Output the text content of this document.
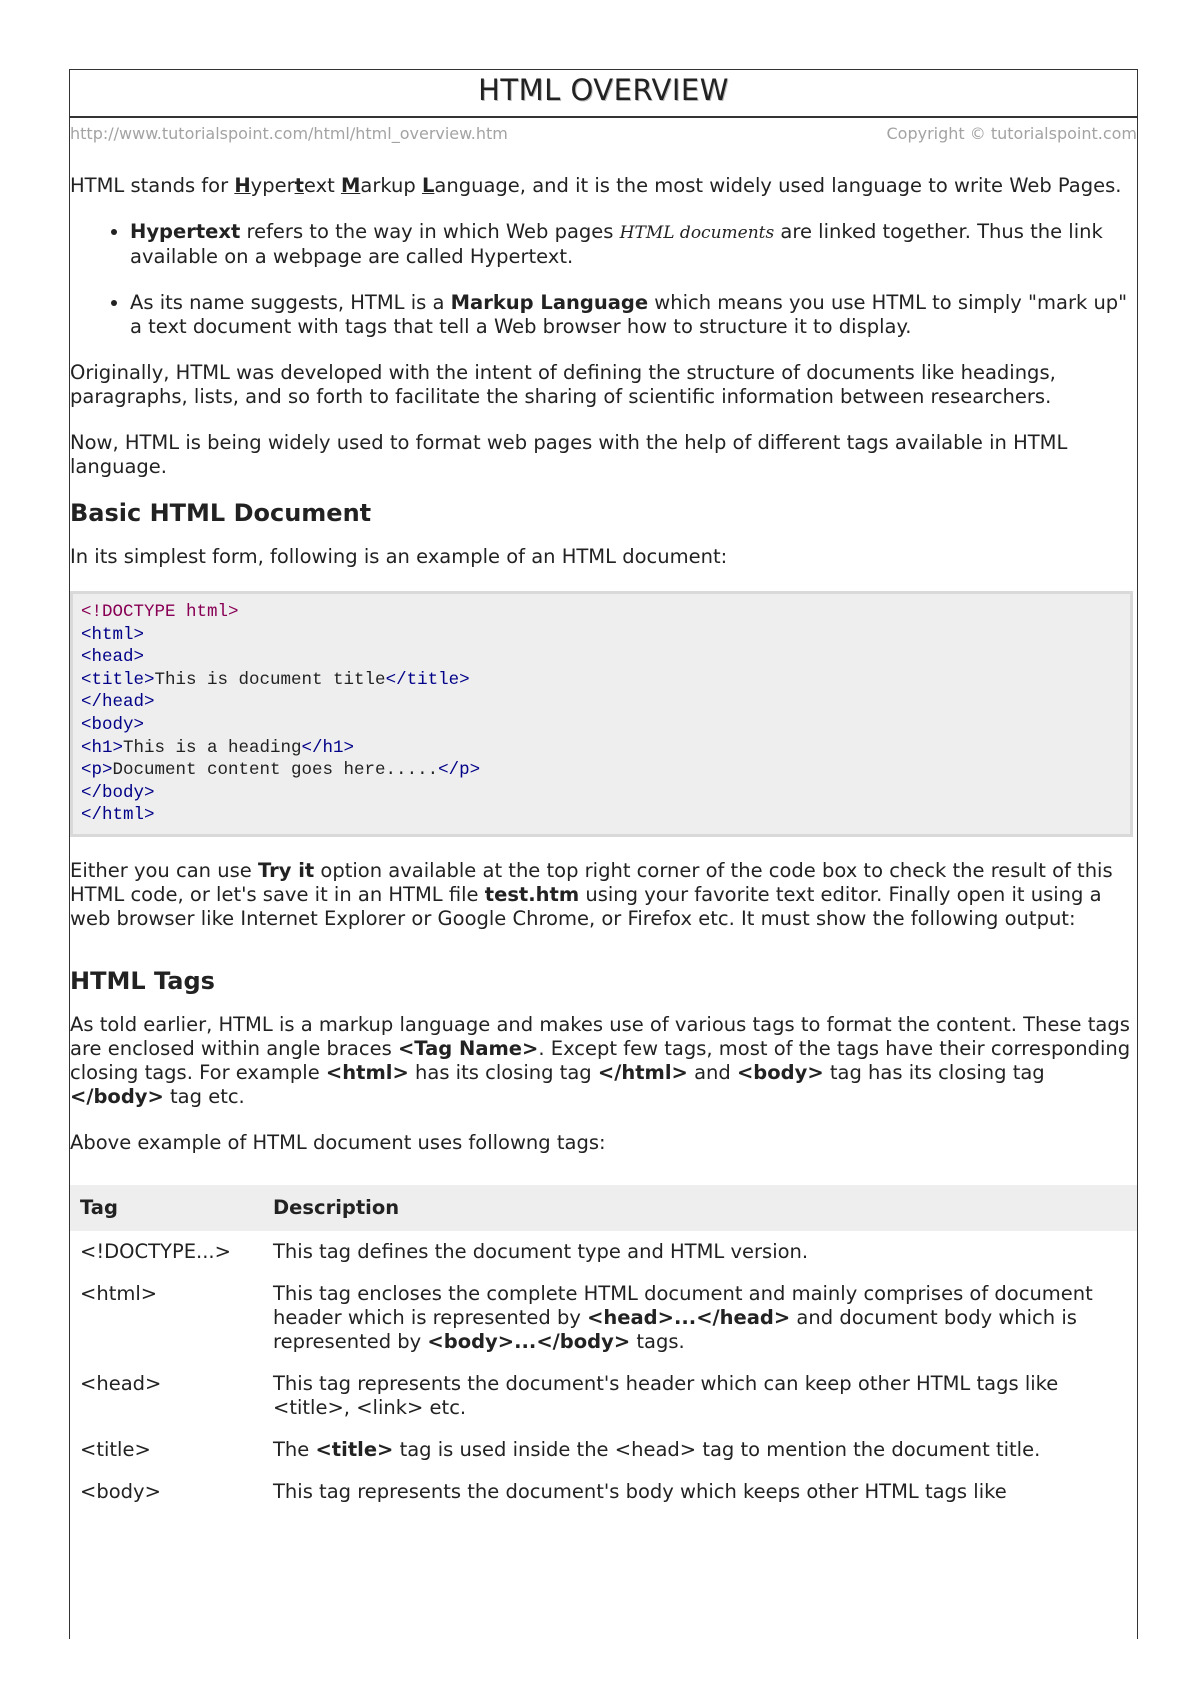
HTML OVERVIEW
http://www.tutorialspoint.com/html/html_overview.htm	Copyright © tutorialspoint.com

HTML stands for Hypertext Markup Language, and it is the most widely used language to write Web Pages.

• Hypertext refers to the way in which Web pages HTML documents are linked together. Thus the link available on a webpage are called Hypertext.
• As its name suggests, HTML is a Markup Language which means you use HTML to simply "mark up" a text document with tags that tell a Web browser how to structure it to display.

Originally, HTML was developed with the intent of defining the structure of documents like headings, paragraphs, lists, and so forth to facilitate the sharing of scientific information between researchers.

Now, HTML is being widely used to format web pages with the help of different tags available in HTML language.

Basic HTML Document

In its simplest form, following is an example of an HTML document:

<!DOCTYPE html>
<html>
<head>
<title>This is document title</title>
</head>
<body>
<h1>This is a heading</h1>
<p>Document content goes here.....</p>
</body>
</html>

Either you can use Try it option available at the top right corner of the code box to check the result of this HTML code, or let's save it in an HTML file test.htm using your favorite text editor. Finally open it using a web browser like Internet Explorer or Google Chrome, or Firefox etc. It must show the following output:

HTML Tags

As told earlier, HTML is a markup language and makes use of various tags to format the content. These tags are enclosed within angle braces <Tag Name>. Except few tags, most of the tags have their corresponding closing tags. For example <html> has its closing tag </html> and <body> tag has its closing tag </body> tag etc.

Above example of HTML document uses followng tags:

Tag	Description
<!DOCTYPE...>	This tag defines the document type and HTML version.
<html>	This tag encloses the complete HTML document and mainly comprises of document header which is represented by <head>...</head> and document body which is represented by <body>...</body> tags.
<head>	This tag represents the document's header which can keep other HTML tags like <title>, <link> etc.
<title>	The <title> tag is used inside the <head> tag to mention the document title.
<body>	This tag represents the document's body which keeps other HTML tags like
